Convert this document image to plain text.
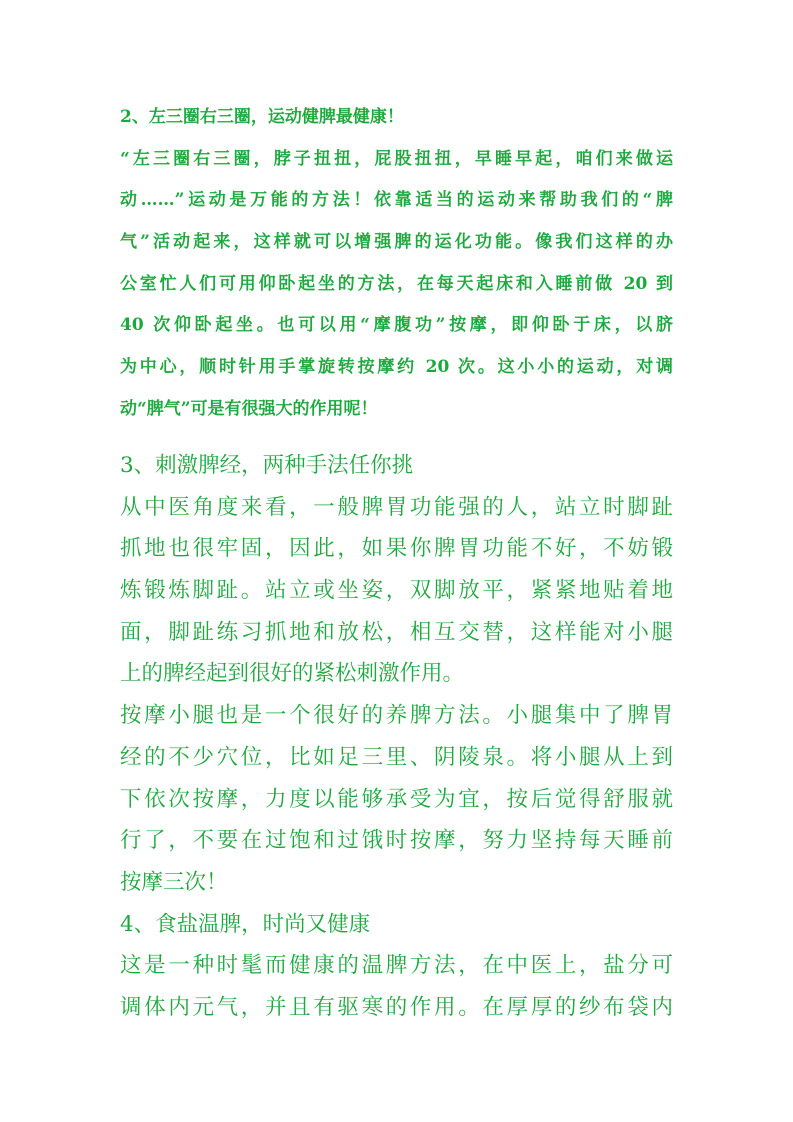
2、左三圈右三圈，运动健脾最健康！
“左三圈右三圈，脖子扭扭，屁股扭扭，早睡早起，咱们来做运
动……”运动是万能的方法！依靠适当的运动来帮助我们的“脾
气”活动起来，这样就可以增强脾的运化功能。像我们这样的办
公室忙人们可用仰卧起坐的方法，在每天起床和入睡前做 20 到
40 次仰卧起坐。也可以用“摩腹功”按摩，即仰卧于床，以脐
为中心，顺时针用手掌旋转按摩约 20 次。这小小的运动，对调
动“脾气”可是有很强大的作用呢！
3、刺激脾经，两种手法任你挑
从中医角度来看，一般脾胃功能强的人，站立时脚趾
抓地也很牢固，因此，如果你脾胃功能不好，不妨锻
炼锻炼脚趾。站立或坐姿，双脚放平，紧紧地贴着地
面，脚趾练习抓地和放松，相互交替，这样能对小腿
上的脾经起到很好的紧松刺激作用。
按摩小腿也是一个很好的养脾方法。小腿集中了脾胃
经的不少穴位，比如足三里、阴陵泉。将小腿从上到
下依次按摩，力度以能够承受为宜，按后觉得舒服就
行了，不要在过饱和过饿时按摩，努力坚持每天睡前
按摩三次！
4、食盐温脾，时尚又健康
这是一种时髦而健康的温脾方法，在中医上，盐分可
调体内元气，并且有驱寒的作用。在厚厚的纱布袋内
